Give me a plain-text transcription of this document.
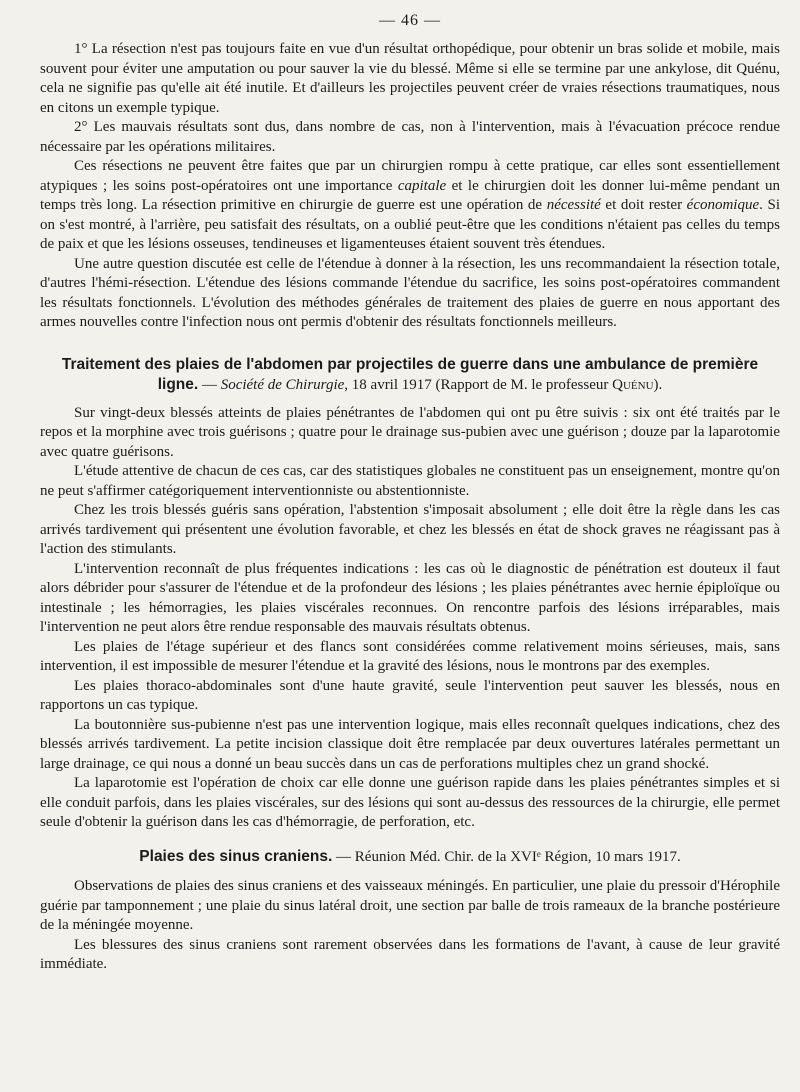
— 46 —

1° La résection n'est pas toujours faite en vue d'un résultat orthopédique, pour obtenir un bras solide et mobile, mais souvent pour éviter une amputation ou pour sauver la vie du blessé. Même si elle se termine par une ankylose, dit Quénu, cela ne signifie pas qu'elle ait été inutile. Et d'ailleurs les projectiles peuvent créer de vraies résections traumatiques, nous en citons un exemple typique.

2° Les mauvais résultats sont dus, dans nombre de cas, non à l'intervention, mais à l'évacuation précoce rendue nécessaire par les opérations militaires.

Ces résections ne peuvent être faites que par un chirurgien rompu à cette pratique, car elles sont essentiellement atypiques ; les soins post-opératoires ont une importance capitale et le chirurgien doit les donner lui-même pendant un temps très long. La résection primitive en chirurgie de guerre est une opération de nécessité et doit rester économique. Si on s'est montré, à l'arrière, peu satisfait des résultats, on a oublié peut-être que les conditions n'étaient pas celles du temps de paix et que les lésions osseuses, tendineuses et ligamenteuses étaient souvent très étendues.

Une autre question discutée est celle de l'étendue à donner à la résection, les uns recommandaient la résection totale, d'autres l'hémi-résection. L'étendue des lésions commande l'étendue du sacrifice, les soins post-opératoires commandent les résultats fonctionnels. L'évolution des méthodes générales de traitement des plaies de guerre en nous apportant des armes nouvelles contre l'infection nous ont permis d'obtenir des résultats fonctionnels meilleurs.

Traitement des plaies de l'abdomen par projectiles de guerre dans une ambulance de première ligne. — Société de Chirurgie, 18 avril 1917 (Rapport de M. le professeur Quénu).

Sur vingt-deux blessés atteints de plaies pénétrantes de l'abdomen qui ont pu être suivis : six ont été traités par le repos et la morphine avec trois guérisons ; quatre pour le drainage sus-pubien avec une guérison ; douze par la laparotomie avec quatre guérisons.

L'étude attentive de chacun de ces cas, car des statistiques globales ne constituent pas un enseignement, montre qu'on ne peut s'affirmer catégoriquement interventionniste ou abstentionniste.

Chez les trois blessés guéris sans opération, l'abstention s'imposait absolument ; elle doit être la règle dans les cas arrivés tardivement qui présentent une évolution favorable, et chez les blessés en état de shock graves ne réagissant pas à l'action des stimulants.

L'intervention reconnaît de plus fréquentes indications : les cas où le diagnostic de pénétration est douteux il faut alors débrider pour s'assurer de l'étendue et de la profondeur des lésions ; les plaies pénétrantes avec hernie épiploïque ou intestinale ; les hémorragies, les plaies viscérales reconnues. On rencontre parfois des lésions irréparables, mais l'intervention ne peut alors être rendue responsable des mauvais résultats obtenus.

Les plaies de l'étage supérieur et des flancs sont considérées comme relativement moins sérieuses, mais, sans intervention, il est impossible de mesurer l'étendue et la gravité des lésions, nous le montrons par des exemples.

Les plaies thoraco-abdominales sont d'une haute gravité, seule l'intervention peut sauver les blessés, nous en rapportons un cas typique.

La boutonnière sus-pubienne n'est pas une intervention logique, mais elles reconnaît quelques indications, chez des blessés arrivés tardivement. La petite incision classique doit être remplacée par deux ouvertures latérales permettant un large drainage, ce qui nous a donné un beau succès dans un cas de perforations multiples chez un grand shocké.

La laparotomie est l'opération de choix car elle donne une guérison rapide dans les plaies pénétrantes simples et si elle conduit parfois, dans les plaies viscérales, sur des lésions qui sont au-dessus des ressources de la chirurgie, elle permet seule d'obtenir la guérison dans les cas d'hémorragie, de perforation, etc.

Plaies des sinus craniens. — Réunion Méd. Chir. de la XVIᵉ Région, 10 mars 1917.

Observations de plaies des sinus craniens et des vaisseaux méningés. En particulier, une plaie du pressoir d'Hérophile guérie par tamponnement ; une plaie du sinus latéral droit, une section par balle de trois rameaux de la branche postérieure de la méningée moyenne.

Les blessures des sinus craniens sont rarement observées dans les formations de l'avant, à cause de leur gravité immédiate.
